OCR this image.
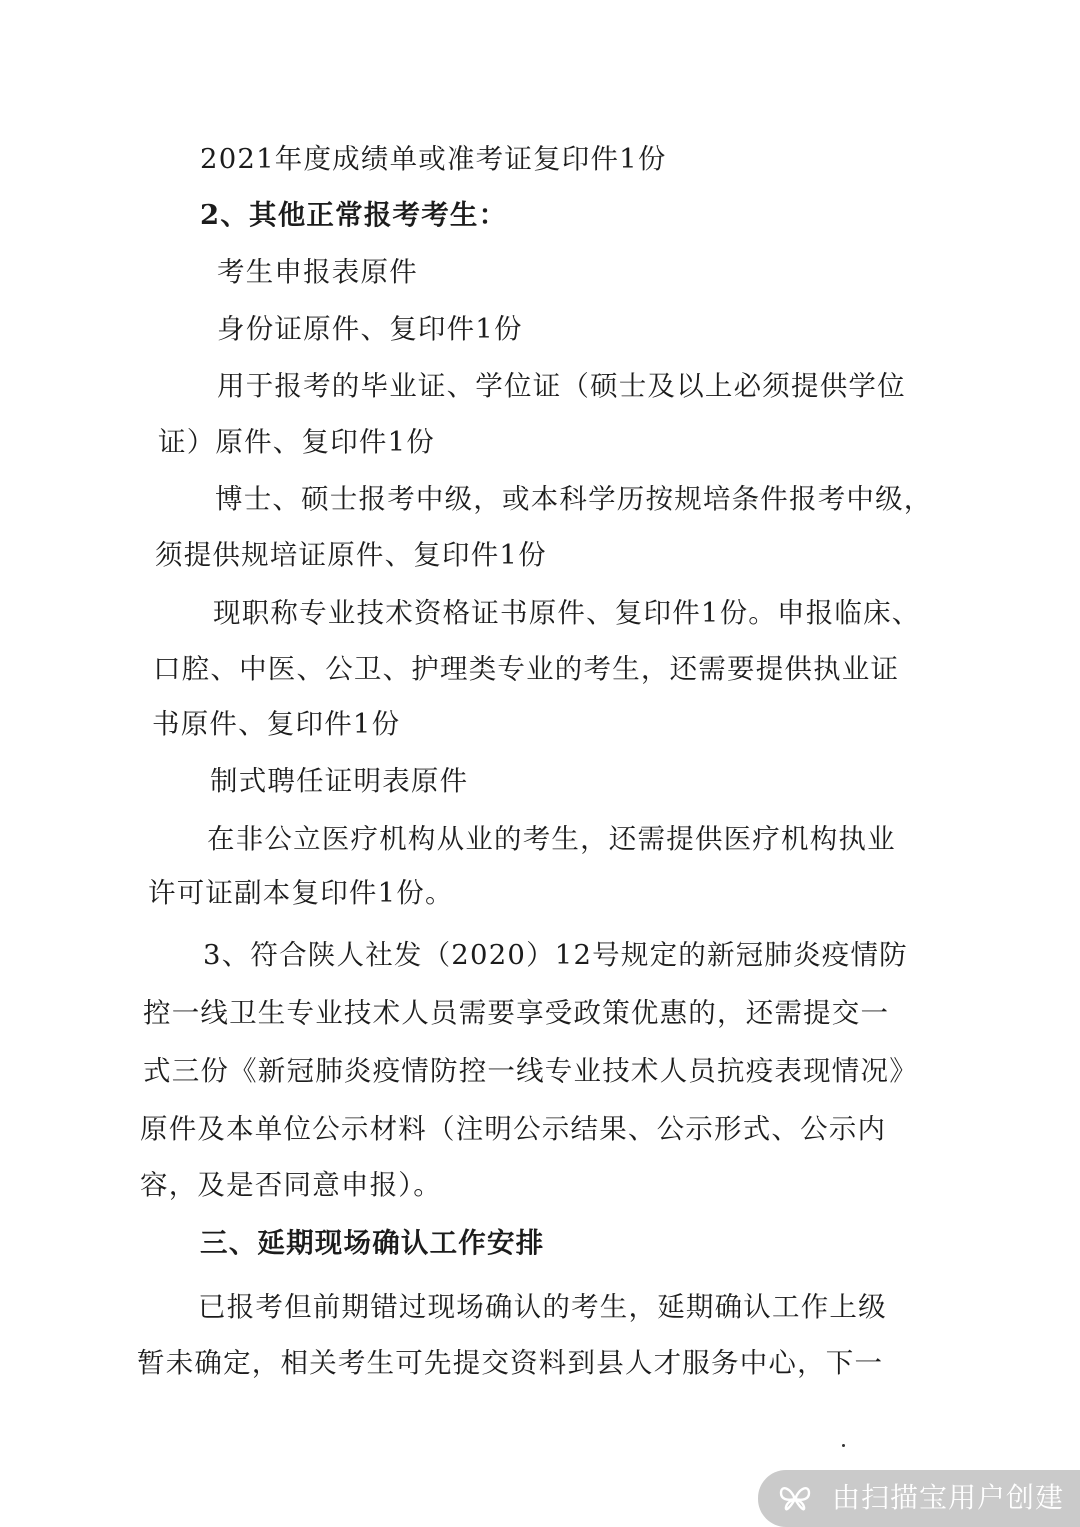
2021年度成绩单或准考证复印件1份
2、其他正常报考考生：
考生申报表原件
身份证原件、复印件1份
用于报考的毕业证、学位证（硕士及以上必须提供学位
证）原件、复印件1份
博士、硕士报考中级，或本科学历按规培条件报考中级，
须提供规培证原件、复印件1份
现职称专业技术资格证书原件、复印件1份。申报临床、
口腔、中医、公卫、护理类专业的考生，还需要提供执业证
书原件、复印件1份
制式聘任证明表原件
在非公立医疗机构从业的考生，还需提供医疗机构执业
许可证副本复印件1份。
3、符合陕人社发（2020）12号规定的新冠肺炎疫情防
控一线卫生专业技术人员需要享受政策优惠的，还需提交一
式三份《新冠肺炎疫情防控一线专业技术人员抗疫表现情况》
原件及本单位公示材料（注明公示结果、公示形式、公示内
容，及是否同意申报）。
三、延期现场确认工作安排
已报考但前期错过现场确认的考生，延期确认工作上级
暂未确定，相关考生可先提交资料到县人才服务中心，下一
由扫描宝用户创建
